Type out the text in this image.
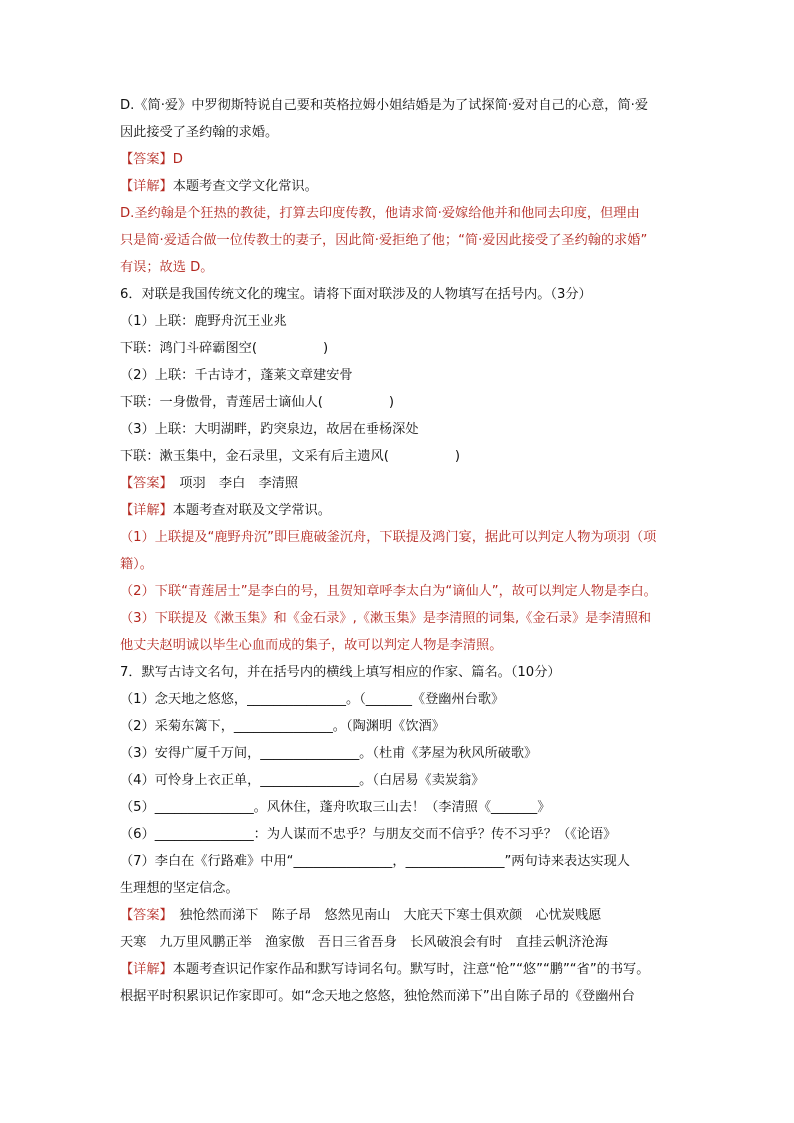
D.《简·爱》中罗彻斯特说自己要和英格拉姆小姐结婚是为了试探简·爱对自己的心意，简·爱
因此接受了圣约翰的求婚。
【答案】D
【详解】本题考查文学文化常识。
D.圣约翰是个狂热的教徒，打算去印度传教，他请求简·爱嫁给他并和他同去印度，但理由
只是简·爱适合做一位传教士的妻子，因此简·爱拒绝了他；“简·爱因此接受了圣约翰的求婚”
有误；故选 D。
6．对联是我国传统文化的瑰宝。请将下面对联涉及的人物填写在括号内。（3分）
（1）上联：鹿野舟沉王业兆
下联：鸿门斗碎霸图空(　　　　　)
（2）上联：千古诗才，蓬莱文章建安骨
下联：一身傲骨，青莲居士谪仙人(　　　　　)
（3）上联：大明湖畔，趵突泉边，故居在垂杨深处
下联：漱玉集中，金石录里，文采有后主遗风(　　　　　)
【答案】　项羽　李白　李清照
【详解】本题考查对联及文学常识。
（1）上联提及“鹿野舟沉”即巨鹿破釜沉舟，下联提及鸿门宴，据此可以判定人物为项羽（项
籍）。
（2）下联“青莲居士”是李白的号，且贺知章呼李太白为“谪仙人”，故可以判定人物是李白。
（3）下联提及《漱玉集》和《金石录》,《漱玉集》是李清照的词集,《金石录》是李清照和
他丈夫赵明诚以毕生心血而成的集子，故可以判定人物是李清照。
7．默写古诗文名句，并在括号内的横线上填写相应的作家、篇名。（10分）
（1）念天地之悠悠，_______________。（_______《登幽州台歌》
（2）采菊东篱下，_______________。（陶渊明《饮酒》
（3）安得广厦千万间，_______________。（杜甫《茅屋为秋风所破歌》
（4）可怜身上衣正单，_______________。（白居易《卖炭翁》
（5）_______________。风休住，蓬舟吹取三山去！（李清照《_______》
（6）_______________：为人谋而不忠乎？与朋友交而不信乎？传不习乎？（《论语》
（7）李白在《行路难》中用“_______________，_______________”两句诗来表达实现人
生理想的坚定信念。
【答案】　独怆然而涕下　陈子昂　悠然见南山　大庇天下寒士俱欢颜　心忧炭贱愿
天寒　九万里风鹏正举　渔家傲　吾日三省吾身　长风破浪会有时　直挂云帆济沧海
【详解】本题考查识记作家作品和默写诗词名句。默写时，注意“怆”“悠”“鹏”“省”的书写。
根据平时积累识记作家即可。如“念天地之悠悠，独怆然而涕下”出自陈子昂的《登幽州台
